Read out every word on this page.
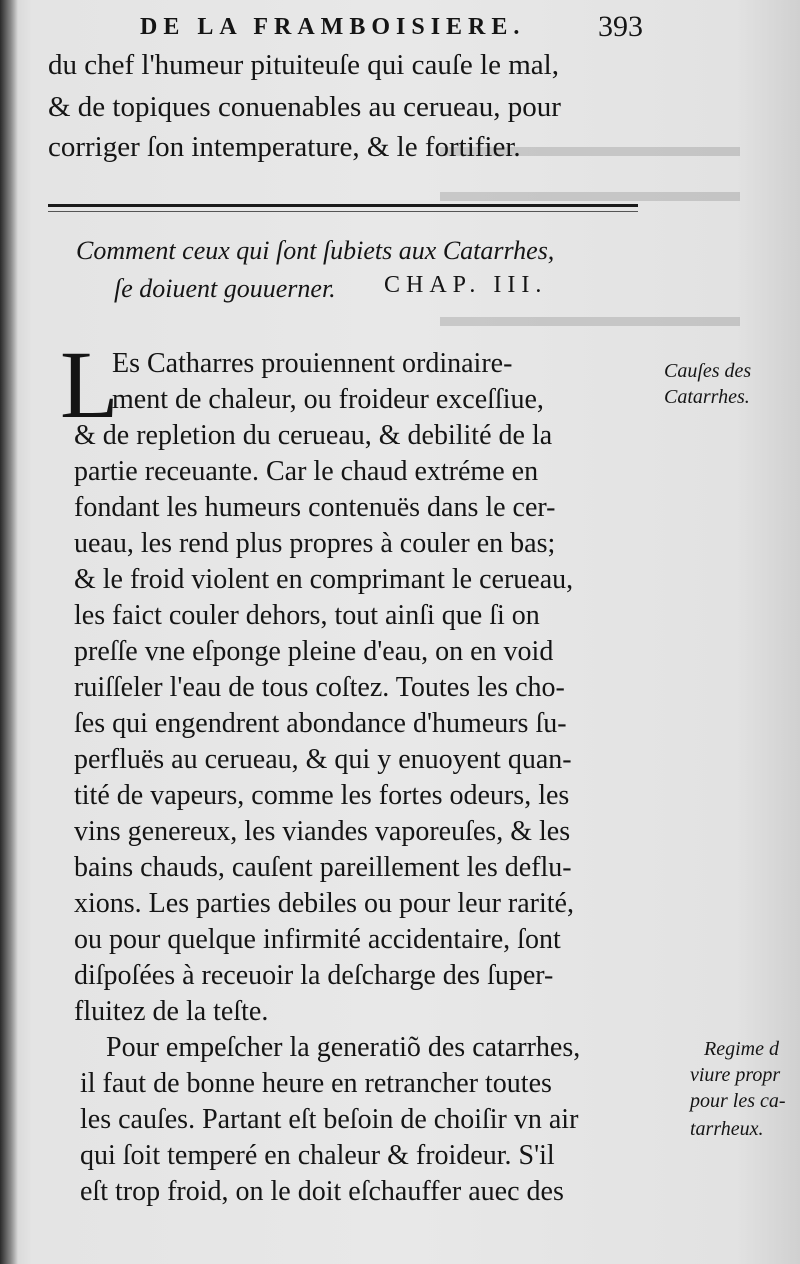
▬▬▬▬▬▬▬▬▬▬
▬▬▬▬▬▬▬▬▬▬
▬▬▬▬▬▬▬▬▬▬
DE LA FRAMBOISIERE. 393
du chef l'humeur pituiteuſe qui cauſe le mal,
& de topiques conuenables au cerueau, pour
corriger ſon intemperature, & le fortifier.
Comment ceux qui ſont ſubiets aux Catarrhes,
ſe doiuent gouuerner. CHAP. III.
L
Es Catharres prouiennent ordinaire-
ment de chaleur, ou froideur exceſſiue,
& de repletion du cerueau, & debilité de la
partie receuante. Car le chaud extréme en
fondant les humeurs contenuës dans le cer-
ueau, les rend plus propres à couler en bas;
& le froid violent en comprimant le cerueau,
les faict couler dehors, tout ainſi que ſi on
preſſe vne eſponge pleine d'eau, on en void
ruiſſeler l'eau de tous coſtez. Toutes les cho-
ſes qui engendrent abondance d'humeurs ſu-
perfluës au cerueau, & qui y enuoyent quan-
tité de vapeurs, comme les fortes odeurs, les
vins genereux, les viandes vaporeuſes, & les
bains chauds, cauſent pareillement les deflu-
xions. Les parties debiles ou pour leur rarité,
ou pour quelque infirmité accidentaire, ſont
diſpoſées à receuoir la deſcharge des ſuper-
fluitez de la teſte.
Pour empeſcher la generatiõ des catarrhes,
il faut de bonne heure en retrancher toutes
les cauſes. Partant eſt beſoin de choiſir vn air
qui ſoit temperé en chaleur & froideur. S'il
eſt trop froid, on le doit eſchauffer auec des
Cauſes des
Catarrhes.
Regime d
viure propr
pour les ca-
tarrheux.
